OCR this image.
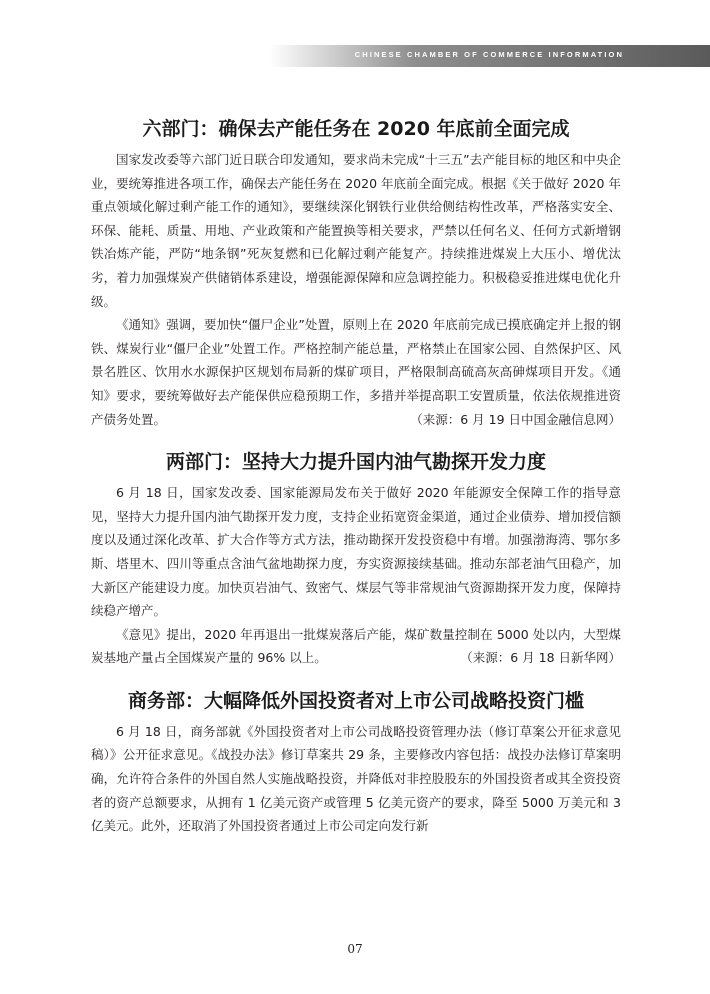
CHINESE CHAMBER OF COMMERCE INFORMATION
六部门：确保去产能任务在 2020 年底前全面完成

国家发改委等六部门近日联合印发通知，要求尚未完成“十三五”去产能目标的地区和中央企业，要统筹推进各项工作，确保去产能任务在 2020 年底前全面完成。根据《关于做好 2020 年重点领域化解过剩产能工作的通知》，要继续深化钢铁行业供给侧结构性改革，严格落实安全、环保、能耗、质量、用地、产业政策和产能置换等相关要求，严禁以任何名义、任何方式新增钢铁冶炼产能，严防“地条钢”死灰复燃和已化解过剩产能复产。持续推进煤炭上大压小、增优汰劣，着力加强煤炭产供储销体系建设，增强能源保障和应急调控能力。积极稳妥推进煤电优化升级。

《通知》强调，要加快“僵尸企业”处置，原则上在 2020 年底前完成已摸底确定并上报的钢铁、煤炭行业“僵尸企业”处置工作。严格控制产能总量，严格禁止在国家公园、自然保护区、风景名胜区、饮用水水源保护区规划布局新的煤矿项目，严格限制高硫高灰高砷煤项目开发。《通知》要求，要统筹做好去产能保供应稳预期工作，多措并举提高职工安置质量，依法依规推进资产债务处置。	（来源：6 月 19 日中国金融信息网）

两部门：坚持大力提升国内油气勘探开发力度

6 月 18 日，国家发改委、国家能源局发布关于做好 2020 年能源安全保障工作的指导意见，坚持大力提升国内油气勘探开发力度，支持企业拓宽资金渠道，通过企业债券、增加授信额度以及通过深化改革、扩大合作等方式方法，推动勘探开发投资稳中有增。加强渤海湾、鄂尔多斯、塔里木、四川等重点含油气盆地勘探力度，夯实资源接续基础。推动东部老油气田稳产，加大新区产能建设力度。加快页岩油气、致密气、煤层气等非常规油气资源勘探开发力度，保障持续稳产增产。

《意见》提出，2020 年再退出一批煤炭落后产能，煤矿数量控制在 5000 处以内，大型煤炭基地产量占全国煤炭产量的 96% 以上。	（来源：6 月 18 日新华网）

商务部：大幅降低外国投资者对上市公司战略投资门槛

6 月 18 日，商务部就《外国投资者对上市公司战略投资管理办法（修订草案公开征求意见稿）》公开征求意见。《战投办法》修订草案共 29 条，主要修改内容包括：战投办法修订草案明确，允许符合条件的外国自然人实施战略投资，并降低对非控股股东的外国投资者或其全资投资者的资产总额要求，从拥有 1 亿美元资产或管理 5 亿美元资产的要求，降至 5000 万美元和 3 亿美元。此外，还取消了外国投资者通过上市公司定向发行新

07
